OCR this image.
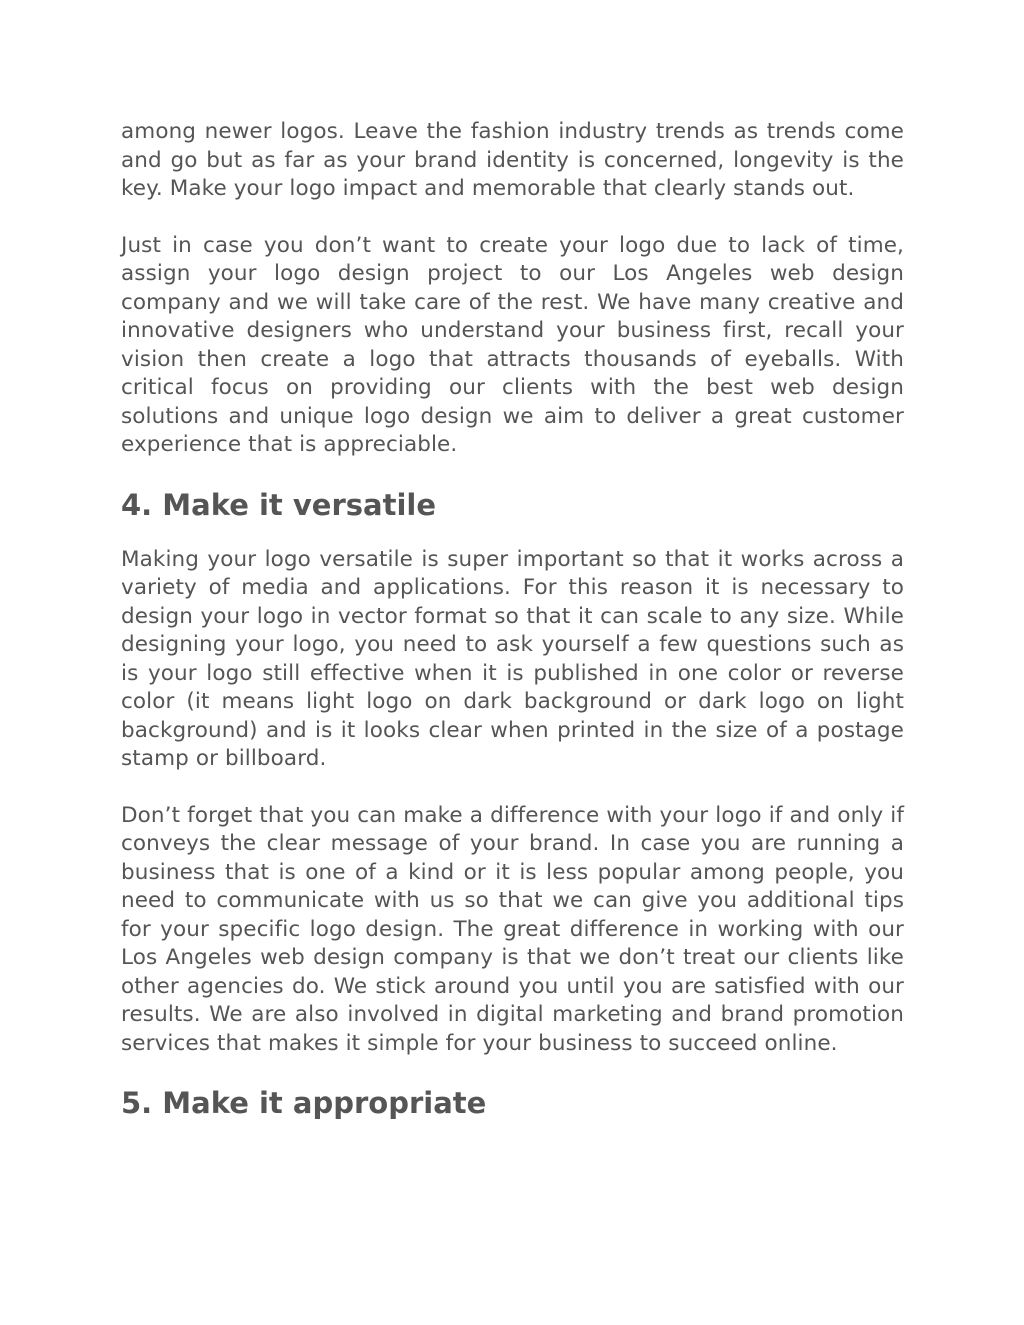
among newer logos. Leave the fashion industry trends as trends come and go but as far as your brand identity is concerned, longevity is the key. Make your logo impact and memorable that clearly stands out.

Just in case you don’t want to create your logo due to lack of time, assign your logo design project to our Los Angeles web design company and we will take care of the rest. We have many creative and innovative designers who understand your business first, recall your vision then create a logo that attracts thousands of eyeballs. With critical focus on providing our clients with the best web design solutions and unique logo design we aim to deliver a great customer experience that is appreciable.

4. Make it versatile

Making your logo versatile is super important so that it works across a variety of media and applications. For this reason it is necessary to design your logo in vector format so that it can scale to any size. While designing your logo, you need to ask yourself a few questions such as is your logo still effective when it is published in one color or reverse color (it means light logo on dark background or dark logo on light background) and is it looks clear when printed in the size of a postage stamp or billboard.

Don’t forget that you can make a difference with your logo if and only if conveys the clear message of your brand. In case you are running a business that is one of a kind or it is less popular among people, you need to communicate with us so that we can give you additional tips for your specific logo design. The great difference in working with our Los Angeles web design company is that we don’t treat our clients like other agencies do. We stick around you until you are satisfied with our results. We are also involved in digital marketing and brand promotion services that makes it simple for your business to succeed online.

5. Make it appropriate
